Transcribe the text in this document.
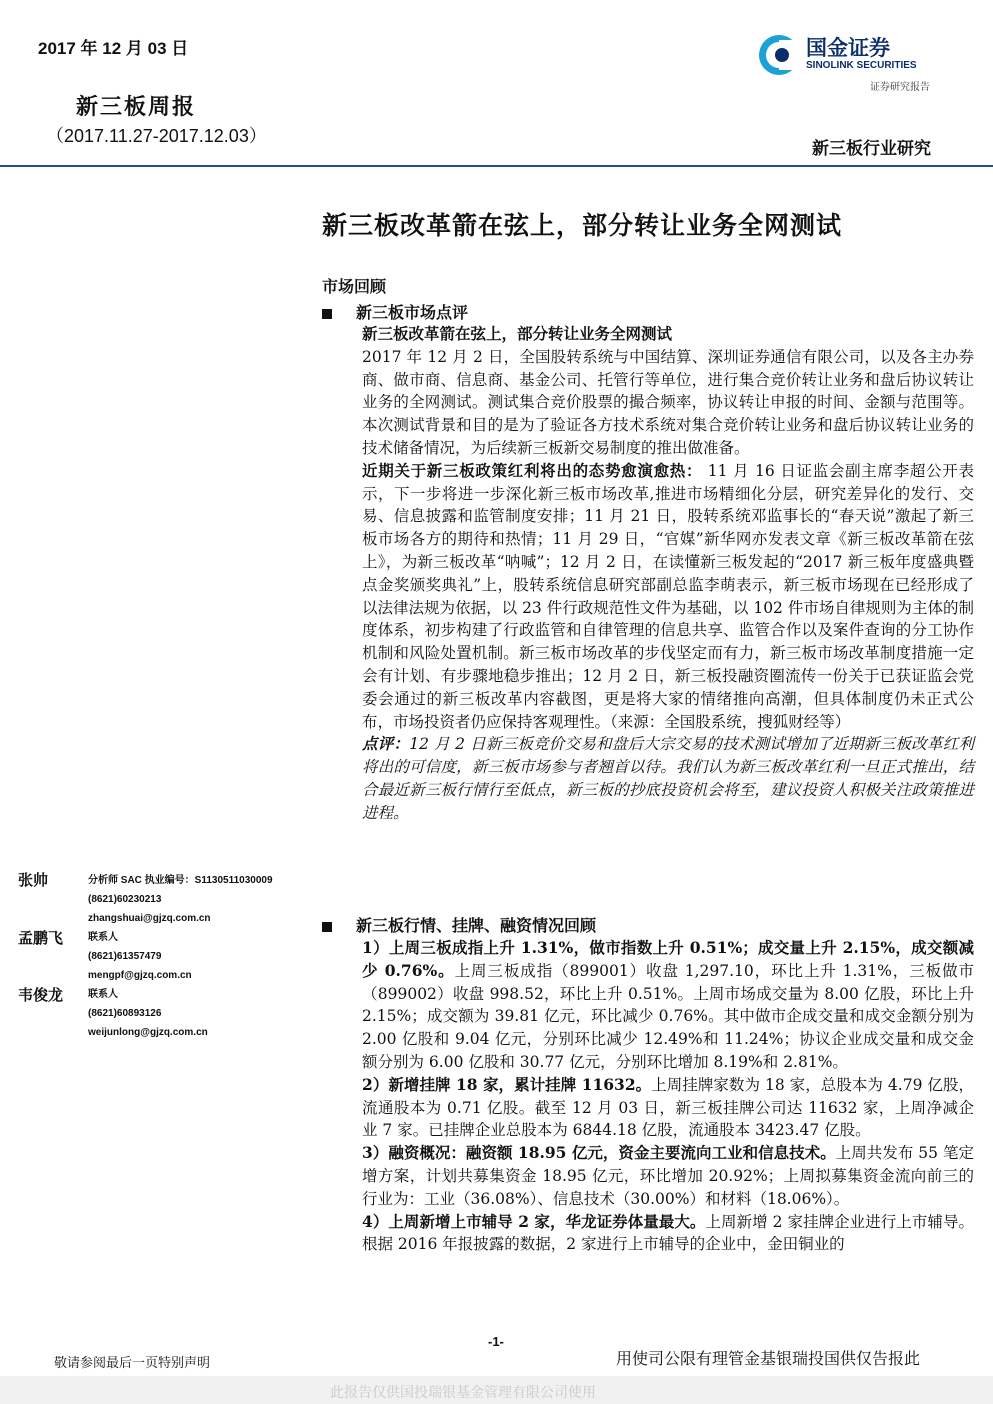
2017 年 12 月 03 日
新三板周报
（2017.11.27-2017.12.03）
国金证券
SINOLINK SECURITIES
证券研究报告
新三板行业研究
新三板改革箭在弦上，部分转让业务全网测试
市场回顾
新三板市场点评

新三板改革箭在弦上，部分转让业务全网测试

2017 年 12 月 2 日，全国股转系统与中国结算、深圳证券通信有限公司，以及各主办券商、做市商、信息商、基金公司、托管行等单位，进行集合竞价转让业务和盘后协议转让业务的全网测试。测试集合竞价股票的撮合频率，协议转让申报的时间、金额与范围等。本次测试背景和目的是为了验证各方技术系统对集合竞价转让业务和盘后协议转让业务的技术储备情况，为后续新三板新交易制度的推出做准备。

近期关于新三板政策红利将出的态势愈演愈热： 11 月 16 日证监会副主席李超公开表示，下一步将进一步深化新三板市场改革,推进市场精细化分层，研究差异化的发行、交易、信息披露和监管制度安排；11 月 21 日，股转系统邓监事长的“春天说”激起了新三板市场各方的期待和热情；11 月 29 日，“官媒”新华网亦发表文章《新三板改革箭在弦上》，为新三板改革“呐喊”；12 月 2 日，在读懂新三板发起的“2017 新三板年度盛典暨点金奖颁奖典礼”上，股转系统信息研究部副总监李萌表示，新三板市场现在已经形成了以法律法规为依据，以 23 件行政规范性文件为基础，以 102 件市场自律规则为主体的制度体系，初步构建了行政监管和自律管理的信息共享、监管合作以及案件查询的分工协作机制和风险处置机制。新三板市场改革的步伐坚定而有力，新三板市场改革制度措施一定会有计划、有步骤地稳步推出；12 月 2 日，新三板投融资圈流传一份关于已获证监会党委会通过的新三板改革内容截图，更是将大家的情绪推向高潮，但具体制度仍未正式公布，市场投资者仍应保持客观理性。（来源：全国股系统，搜狐财经等）

点评：12 月 2 日新三板竞价交易和盘后大宗交易的技术测试增加了近期新三板改革红利将出的可信度，新三板市场参与者翘首以待。我们认为新三板改革红利一旦正式推出，结合最近新三板行情行至低点，新三板的抄底投资机会将至，建议投资人积极关注政策推进进程。

新三板行情、挂牌、融资情况回顾

1）上周三板成指上升 1.31%，做市指数上升 0.51%；成交量上升 2.15%，成交额减少 0.76%。上周三板成指（899001）收盘 1,297.10，环比上升 1.31%，三板做市（899002）收盘 998.52，环比上升 0.51%。上周市场成交量为 8.00 亿股，环比上升 2.15%；成交额为 39.81 亿元，环比减少 0.76%。其中做市企成交量和成交金额分别为 2.00 亿股和 9.04 亿元，分别环比减少 12.49%和 11.24%；协议企业成交量和成交金额分别为 6.00 亿股和 30.77 亿元，分别环比增加 8.19%和 2.81%。

2）新增挂牌 18 家，累计挂牌 11632。上周挂牌家数为 18 家，总股本为 4.79 亿股，流通股本为 0.71 亿股。截至 12 月 03 日，新三板挂牌公司达 11632 家，上周净减企业 7 家。已挂牌企业总股本为 6844.18 亿股，流通股本 3423.47 亿股。

3）融资概况：融资额 18.95 亿元，资金主要流向工业和信息技术。上周共发布 55 笔定增方案，计划共募集资金 18.95 亿元，环比增加 20.92%；上周拟募集资金流向前三的行业为：工业（36.08%）、信息技术（30.00%）和材料（18.06%）。

4）上周新增上市辅导 2 家，华龙证券体量最大。上周新增 2 家挂牌企业进行上市辅导。根据 2016 年报披露的数据，2 家进行上市辅导的企业中，金田铜业的

张帅	分析师 SAC 执业编号：S1130511030009
(8621)60230213
zhangshuai@gjzq.com.cn
孟鹏飞 联系人
(8621)61357479
mengpf@gjzq.com.cn
韦俊龙 联系人
(8621)60893126
weijunlong@gjzq.com.cn
-1-
敬请参阅最后一页特别声明	用使司公限有理管金基银瑞投国供仅告报此
此报告仅供国投瑞银基金管理有限公司使用
